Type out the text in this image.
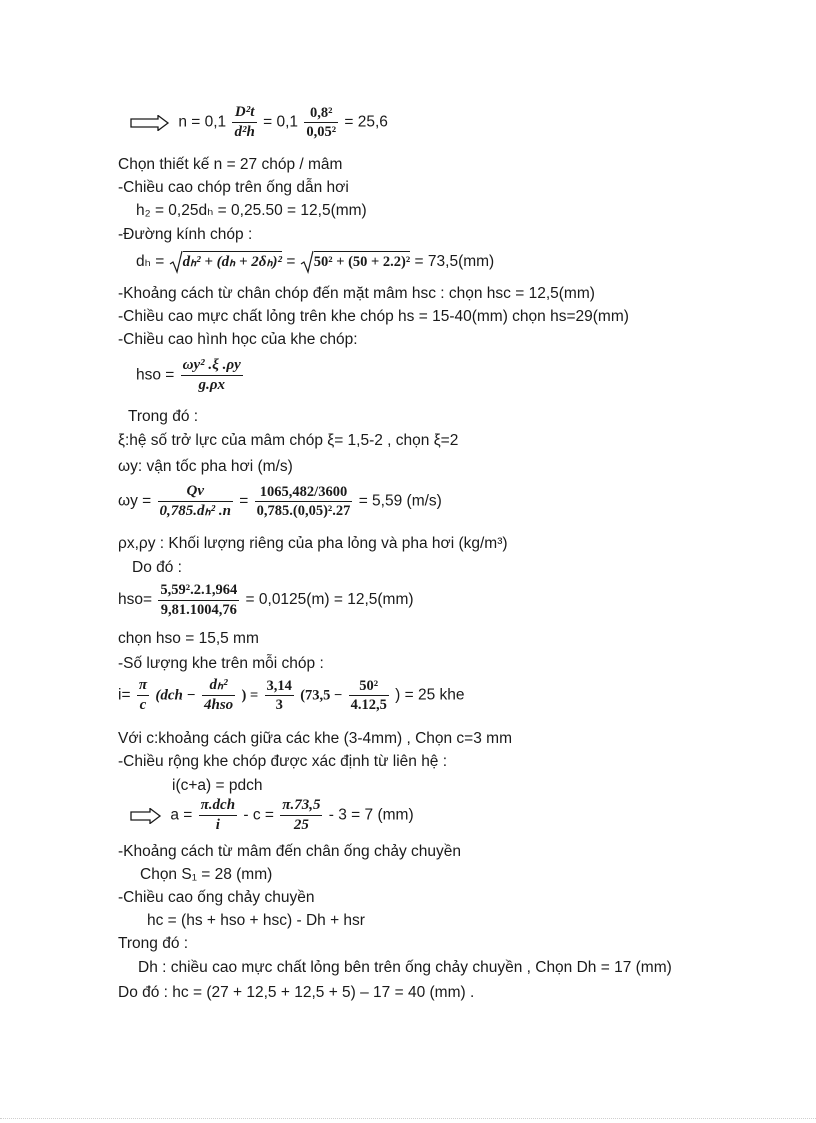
$n = 0,1 \frac{\text{D²t}}{\text{d²h}} = 0,1 \frac{\text{0,8²}}{\text{0,05²}} = 25,6$
Chọn thiết kế n = 27 chóp / mâm
-Chiều cao chóp trên ống dẫn hơi
h₂ = 0,25dₕ = 0,25.50 = 12,5(mm)
-Đường kính chóp :
dₕ = dₕ² + (dₕ + 2δₕ)² = 50² + (50 + 2.2)² = 73,5(mm)
-Khoảng cách từ chân chóp đến mặt mâm hsc : chọn hsc = 12,5(mm)
-Chiều cao mực chất lỏng trên khe chóp hs = 15-40(mm) chọn hs=29(mm)
-Chiều cao hình học của khe chóp:
hso = $\frac{\text{ωy² .ξ .ρy}}{g.\rho x}$
Trong đó :
ξ:hệ số trở lực của mâm chóp ξ= 1,5-2 , chọn ξ=2
ωy: vận tốc pha hơi (m/s)
$\omega y = \frac{Qv}{\text{0,785.dₕ² .n}} = \frac{1065,482/3600}{\text{0,785.(0,05)².27}} = 5,59$ (m/s)
ρx,ρy : Khối lượng riêng của pha lỏng và pha hơi (kg/m³)
Do đó :
$hso= \frac{\text{5,59².2.1,964}}{9,81.1004,76} = 0,0125(m) = 12,5(mm)$
chọn hso = 15,5 mm
-Số lượng khe trên mỗi chóp :
$i= \frac{\pi}{c} (dch - \frac{\text{dₕ²}}{\text{4hso}}$ ) = $\frac{3,14}{3} (73,5 - \frac{\text{50²}}{4.12,5}$ ) = 25 khe
Với c:khoảng cách giữa các khe (3-4mm) , Chọn c=3 mm
-Chiều rộng khe chóp được xác định từ liên hệ :
i(c+a) = pdch
$a = \frac{\text{π.dch}}{i} - c = \frac{\pi.73,5}{25} - 3 = 7$ (mm)
-Khoảng cách từ mâm đến chân ống chảy chuyền
Chọn S₁ = 28 (mm)
-Chiều cao ống chảy chuyền
hc = (hs + hso + hsc) - Dh + hsr
Trong đó :
Dh : chiều cao mực chất lỏng bên trên ống chảy chuyền , Chọn Dh = 17 (mm)
Do đó : hc = (27 + 12,5 + 12,5 + 5) – 17 = 40 (mm) .
